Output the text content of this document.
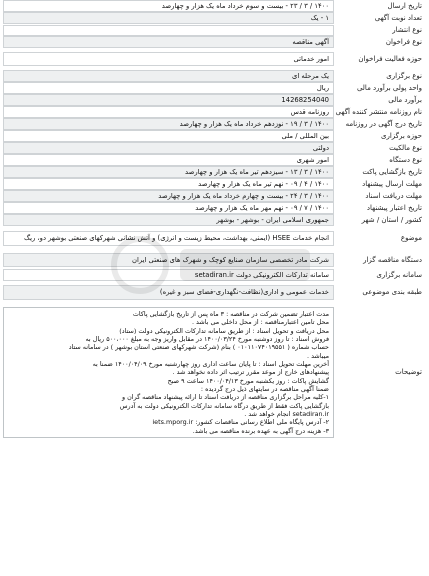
تاریخ ارسال
۱۴۰۰ / ۳ / ۲۳ - بیست و سوم خرداد ماه یک هزار و چهارصد
تعداد نوبت آگهی
۱ - یک
نوع انتشار
نوع فراخوان
آگهی مناقصه
حوزه فعالیت فراخوان
امور خدماتی
نوع برگزاری
یک مرحله ای
واحد پولی برآورد مالی
ریال
برآورد مالی
14268254040
نام روزنامه منتشر کننده آگهی
روزنامه قدس
تاریخ درج آگهی در روزنامه
۱۴۰۰ / ۳ / ۱۹ - نوزدهم خرداد ماه یک هزار و چهارصد
حوزه برگزاری
بین المللی / ملی
نوع مالکیت
دولتی
نوع دستگاه
امور شهری
تاریخ بازگشایی پاکت
۱۴۰۰ / ۳ / ۱۳ - سیزدهم تیر ماه یک هزار و چهارصد
مهلت ارسال پیشنهاد
۱۴۰۰ / ۴ / ۰۹ - نهم تیر ماه یک هزار و چهارصد
مهلت دریافت اسناد
۱۴۰۰ / ۳ / ۲۴ - بیست و چهارم خرداد ماه یک هزار و چهارصد
تاریخ اعتبار پیشنهاد
۱۴۰۰ / ۷ / ۰۹ - نهم مهر ماه یک هزار و چهارصد
کشور / استان / شهر
جمهوری اسلامی ایران - بوشهر - بوشهر
موضوع
انجام خدمات HSEE (ایمنی، بهداشت، محیط زیست و انرژی) و آتش نشانی شهرکهای صنعتی بوشهر دو، ریگ
دستگاه مناقصه گزار
شرکت مادر تخصصی سازمان صنایع کوچک و شهرک های صنعتی ایران
سامانه برگزاری
سامانه تدارکات الکترونیکی دولت setadiran.ir
طبقه بندی موضوعی
خدمات عمومی و اداری(نظافت-نگهداری-فضای سبز و غیره)
توضیحات
مدت اعتبار تضمین شرکت در مناقصه : ۳ ماه پس از تاریخ بازگشایی پاکات
محل تامین اعتبارمناقصه : از محل داخلی می باشد .
محل دریافت و تحویل اسناد : از طریق سامانه تدارکات الکترونیکی دولت (ستاد)
فروش اسناد : تا روز دوشنبه مورخ ۱۴۰۰/۰۳/۲۴ در مقابل واریز وجه به مبلغ ۵۰۰،۰۰۰ ریال به
حساب شماره ( ۰۱۰۱۱۰۷۴۰۱۹۵۵۱ ) بنام (شرکت شهرکهای صنعتی استان بوشهر ) در سامانه ستاد
میباشد .
آخرین مهلت تحویل اسناد : تا پایان ساعت اداری روز چهارشنبه مورخ ۱۴۰۰/۰۴/۰۹ ضمنا به
پیشنهادهای خارج از موعد مقرر ترتیب اثر داده نخواهد شد .
گشایش پاکات : روز یکشنبه مورخ ۱۴۰۰/۰۴/۱۳ ساعت ۹ صبح
ضمنا آگهی مناقصه در سایتهای ذیل درج گردیده :
۱-کلیه مراحل برگزاری مناقصه از دریافت اسناد تا ارائه پیشنهاد مناقصه گران و
بازگشایی پاکت فقط از طریق درگاه سامانه تدارکات الکترونیکی دولت به آدرس
setadiran.ir انجام خواهد شد .
۲- آدرس پایگاه ملی اطلاع رسانی مناقصات کشور: iets.mporg.ir
۳- هزینه درج آگهی به عهده برنده مناقصه می باشد.
